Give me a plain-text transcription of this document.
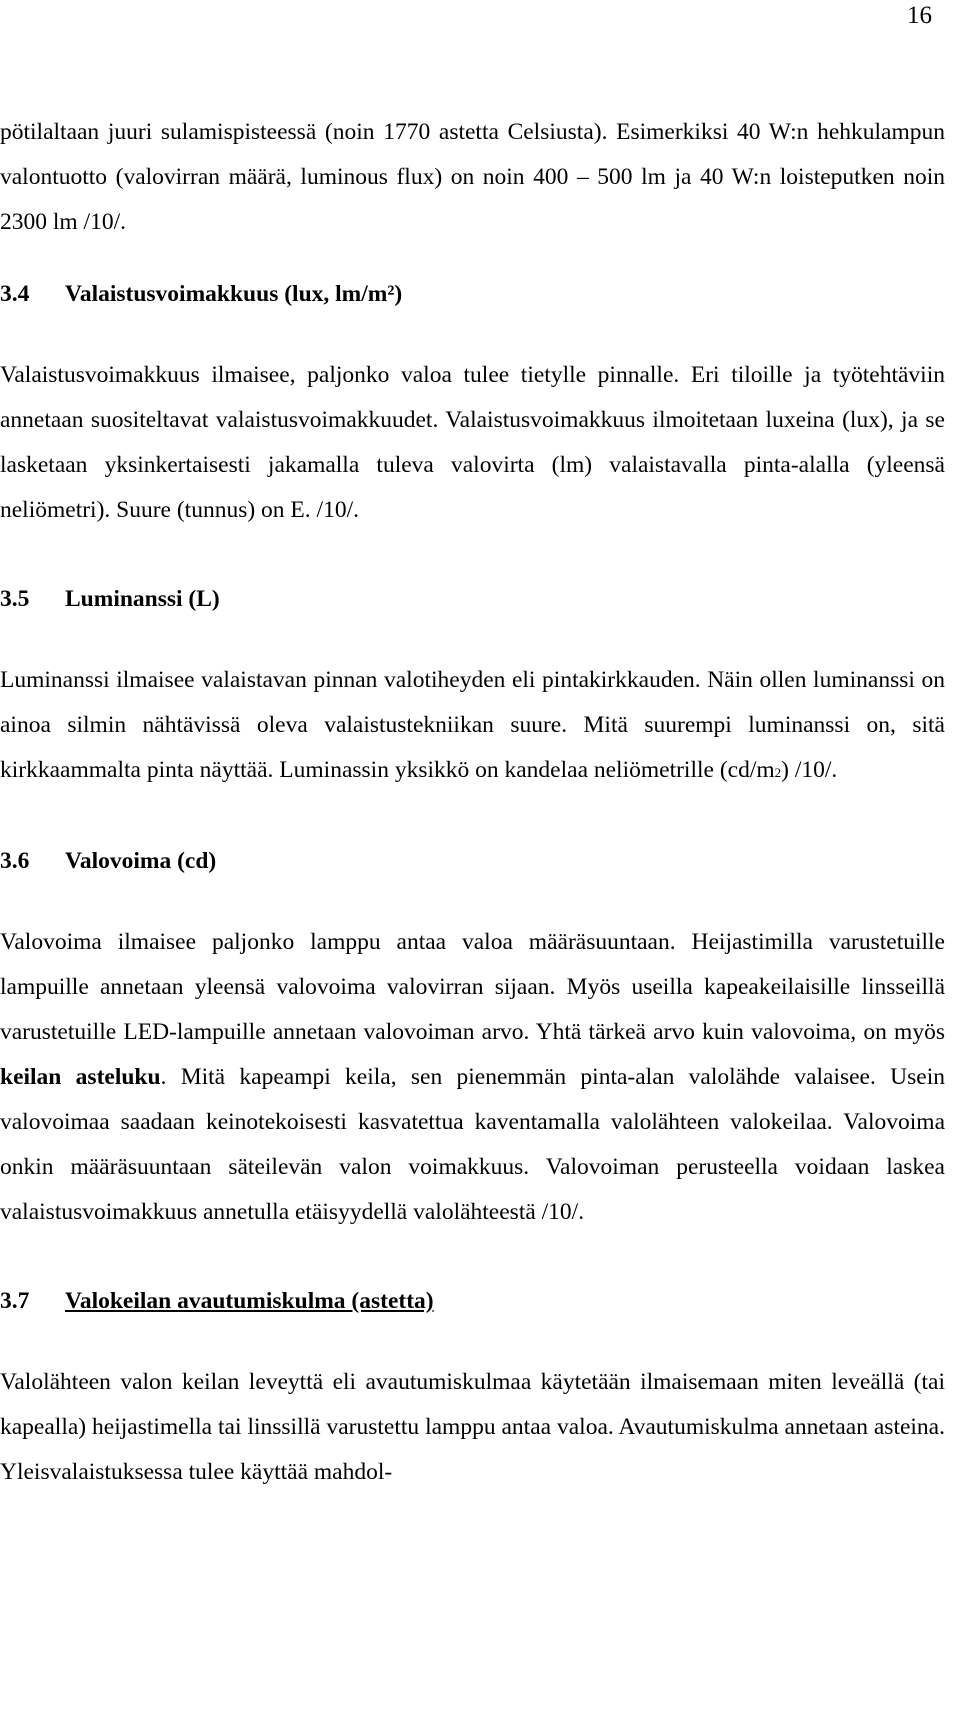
16

pötilaltaan juuri sulamispisteessä (noin 1770 astetta Celsiusta). Esimerkiksi 40 W:n hehkulampun valontuotto (valovirran määrä, luminous flux) on noin 400 – 500 lm ja 40 W:n loisteputken noin 2300 lm /10/.

3.4 Valaistusvoimakkuus (lux, lm/m²)

Valaistusvoimakkuus ilmaisee, paljonko valoa tulee tietylle pinnalle. Eri tiloille ja työtehtäviin annetaan suositeltavat valaistusvoimakkuudet. Valaistusvoimakkuus ilmoitetaan luxeina (lux), ja se lasketaan yksinkertaisesti jakamalla tuleva valovirta (lm) valaistavalla pinta-alalla (yleensä neliömetri). Suure (tunnus) on E. /10/.

3.5 Luminanssi (L)

Luminanssi ilmaisee valaistavan pinnan valotiheyden eli pintakirkkauden. Näin ollen luminanssi on ainoa silmin nähtävissä oleva valaistustekniikan suure. Mitä suurempi luminanssi on, sitä kirkkaammalta pinta näyttää. Luminassin yksikkö on kandelaa neliömetrille (cd/m2) /10/.

3.6 Valovoima (cd)

Valovoima ilmaisee paljonko lamppu antaa valoa määräsuuntaan. Heijastimilla varustetuille lampuille annetaan yleensä valovoima valovirran sijaan. Myös useilla kapeakeilaisille linsseillä varustetuille LED-lampuille annetaan valovoiman arvo. Yhtä tärkeä arvo kuin valovoima, on myös keilan asteluku. Mitä kapeampi keila, sen pienemmän pinta-alan valolähde valaisee. Usein valovoimaa saadaan keinotekoisesti kasvatettua kaventamalla valolähteen valokeilaa. Valovoima onkin määräsuuntaan säteilevän valon voimakkuus. Valovoiman perusteella voidaan laskea valaistusvoimakkuus annetulla etäisyydellä valolähteestä /10/.

3.7 Valokeilan avautumiskulma (astetta)

Valolähteen valon keilan leveyttä eli avautumiskulmaa käytetään ilmaisemaan miten leveällä (tai kapealla) heijastimella tai linssillä varustettu lamppu antaa valoa. Avautumiskulma annetaan asteina. Yleisvalaistuksessa tulee käyttää mahdol-
